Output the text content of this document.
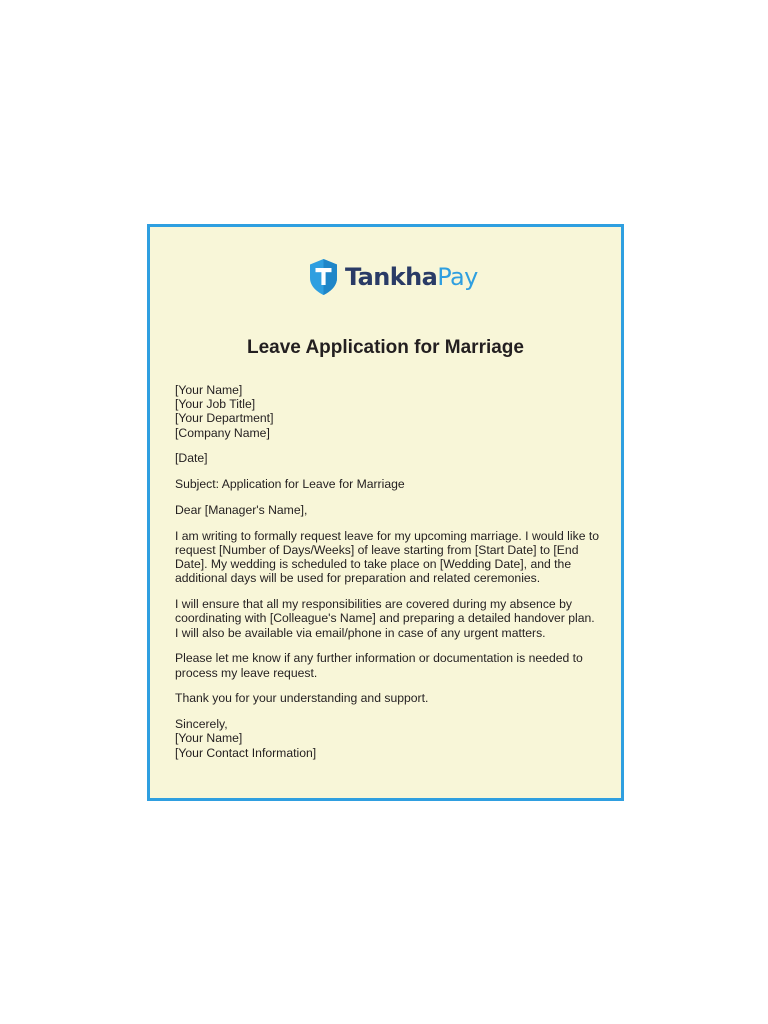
TankhaPay
Leave Application for Marriage
[Your Name]
[Your Job Title]
[Your Department]
[Company Name]
[Date]
Subject: Application for Leave for Marriage
Dear [Manager's Name],
I am writing to formally request leave for my upcoming marriage. I would like to
request [Number of Days/Weeks] of leave starting from [Start Date] to [End
Date]. My wedding is scheduled to take place on [Wedding Date], and the
additional days will be used for preparation and related ceremonies.
I will ensure that all my responsibilities are covered during my absence by
coordinating with [Colleague's Name] and preparing a detailed handover plan.
I will also be available via email/phone in case of any urgent matters.
Please let me know if any further information or documentation is needed to
process my leave request.
Thank you for your understanding and support.
Sincerely,
[Your Name]
[Your Contact Information]
